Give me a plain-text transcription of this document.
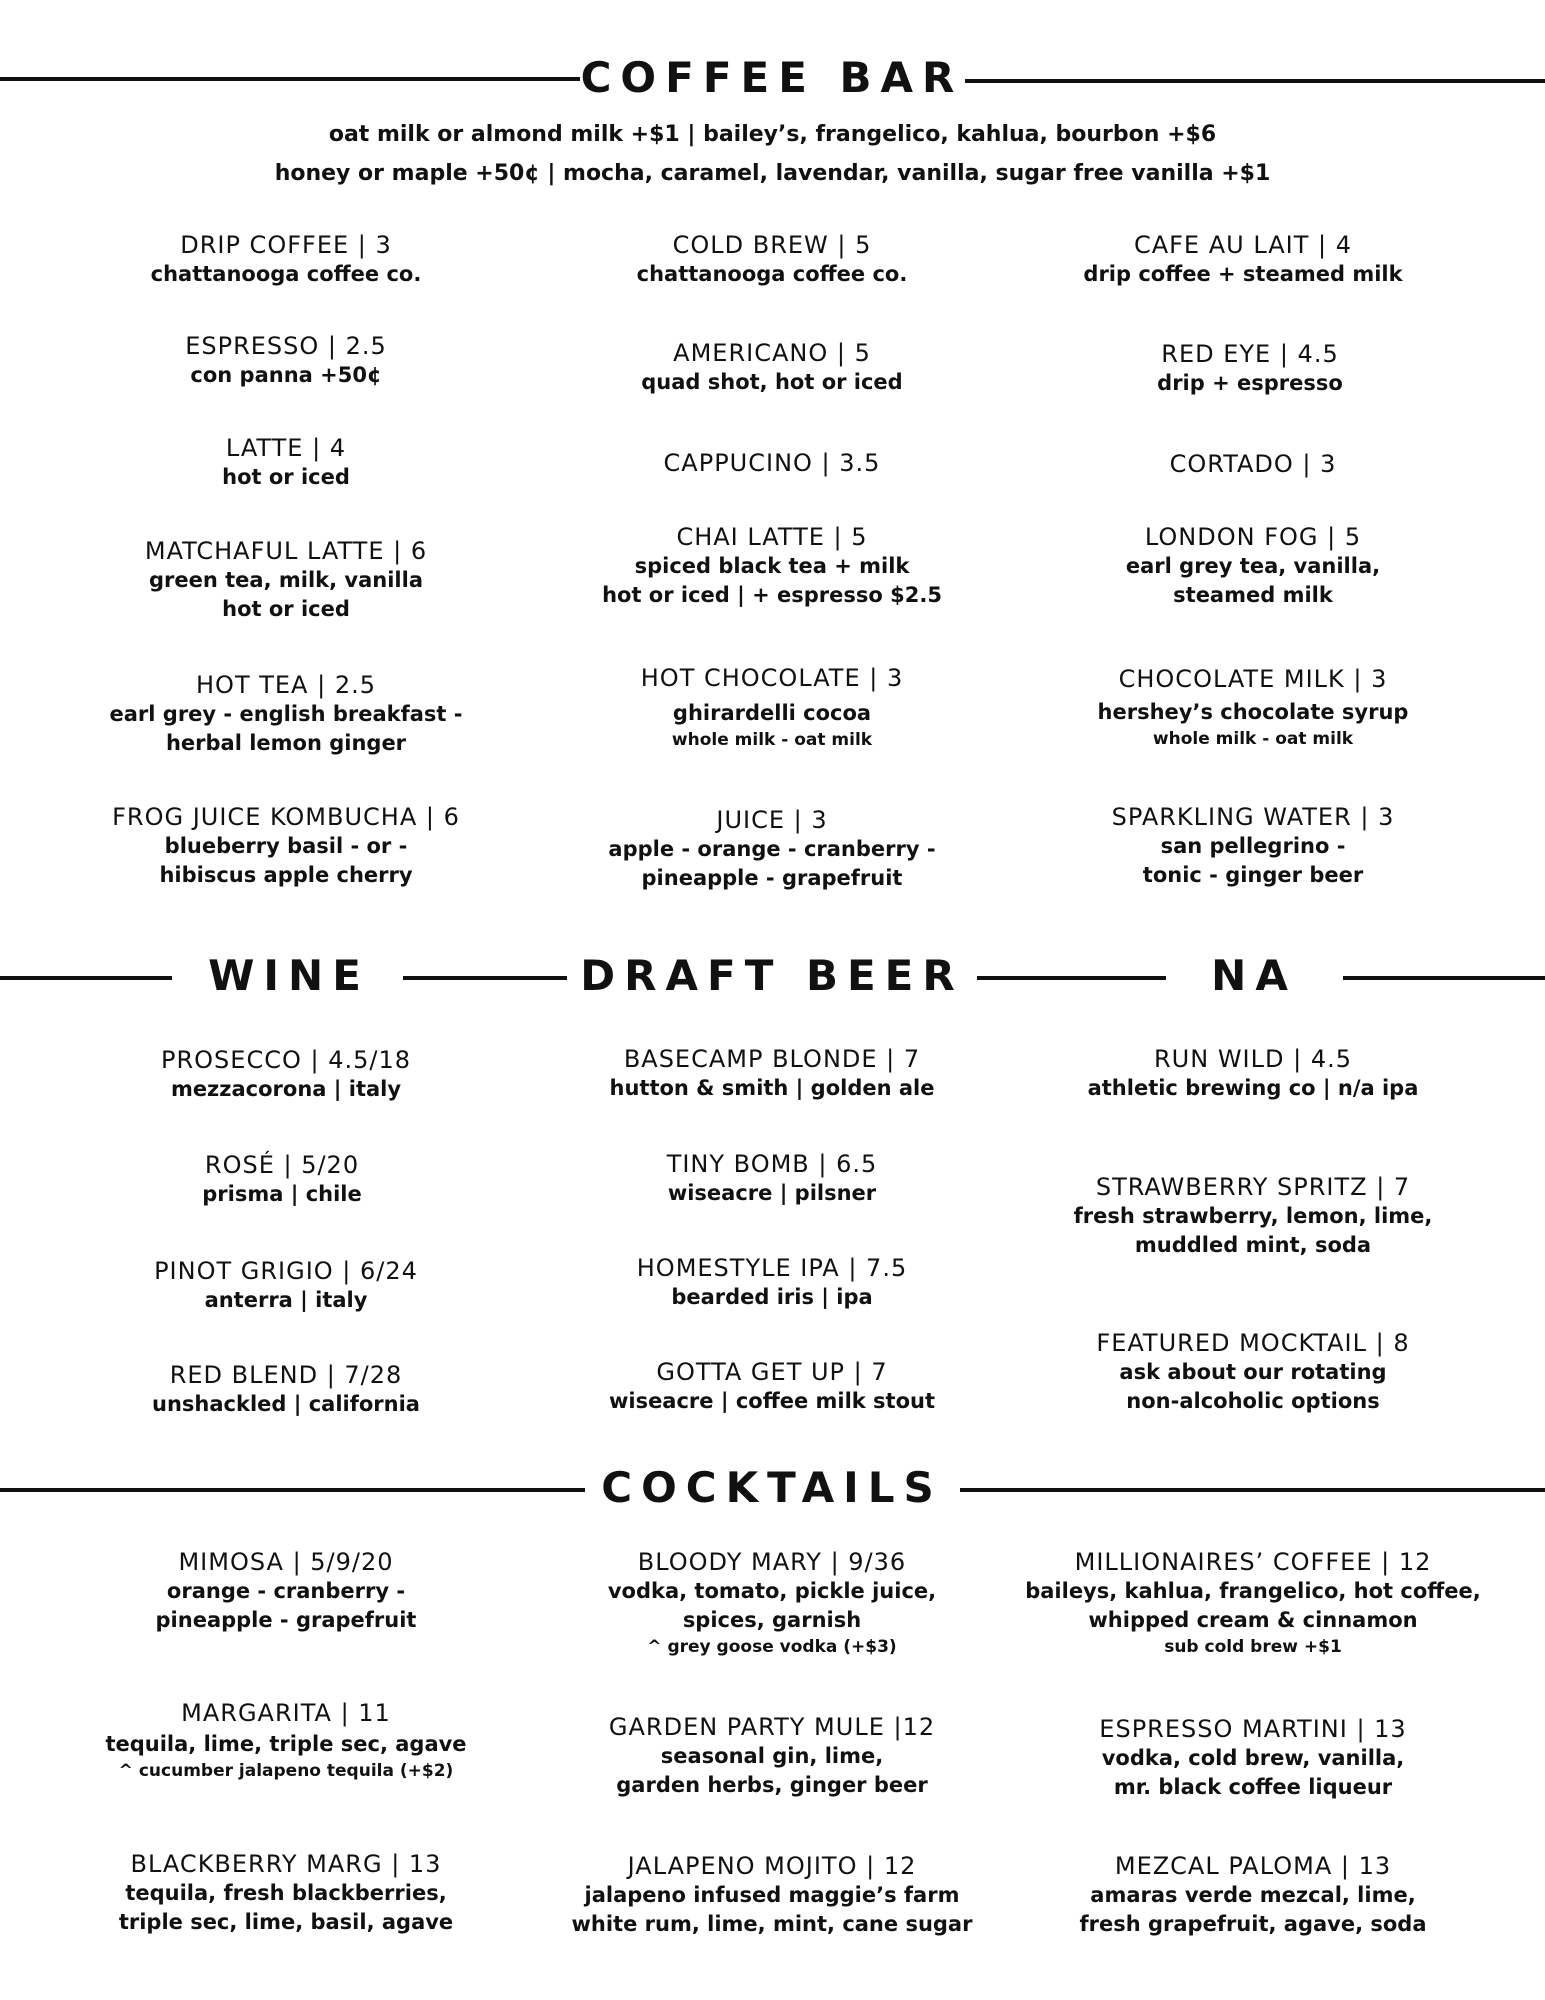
COFFEE BAR
WINE	DRAFT BEER	NA
COCKTAILS
oat milk or almond milk +$1 | bailey’s, frangelico, kahlua, bourbon +$6
honey or maple +50¢ | mocha, caramel, lavendar, vanilla, sugar free vanilla +$1
DRIP COFFEE | 3
chattanooga coffee co.
COLD BREW | 5
chattanooga coffee co.
CAFE AU LAIT | 4
drip coffee + steamed milk
ESPRESSO | 2.5
con panna +50¢
AMERICANO | 5
quad shot, hot or iced
RED EYE | 4.5
drip + espresso
LATTE | 4
hot or iced	CAPPUCINO | 3.5	CORTADO | 3
MATCHAFUL LATTE | 6
green tea, milk, vanilla
hot or iced
CHAI LATTE | 5
spiced black tea + milk
hot or iced | + espresso $2.5
LONDON FOG | 5
earl grey tea, vanilla,
steamed milk
HOT TEA | 2.5
earl grey - english breakfast -
herbal lemon ginger
HOT CHOCOLATE | 3
ghirardelli cocoa
whole milk - oat milk
CHOCOLATE MILK | 3
hershey’s chocolate syrup
whole milk - oat milk
FROG JUICE KOMBUCHA | 6
blueberry basil - or -
hibiscus apple cherry
JUICE | 3
apple - orange - cranberry -
pineapple - grapefruit
SPARKLING WATER | 3
san pellegrino -
tonic - ginger beer
PROSECCO | 4.5/18
mezzacorona | italy
ROSÉ | 5/20
prisma | chile
PINOT GRIGIO | 6/24
anterra | italy
RED BLEND | 7/28
unshackled | california
BASECAMP BLONDE | 7
hutton & smith | golden ale
TINY BOMB | 6.5
wiseacre | pilsner
HOMESTYLE IPA | 7.5
bearded iris | ipa
GOTTA GET UP | 7
wiseacre | coffee milk stout
RUN WILD | 4.5
athletic brewing co | n/a ipa
STRAWBERRY SPRITZ | 7
fresh strawberry, lemon, lime,
muddled mint, soda
FEATURED MOCKTAIL | 8
ask about our rotating
non-alcoholic options
MIMOSA | 5/9/20
orange - cranberry -
pineapple - grapefruit
BLOODY MARY | 9/36
vodka, tomato, pickle juice,
spices, garnish
^ grey goose vodka (+$3)
MILLIONAIRES’ COFFEE | 12
baileys, kahlua, frangelico, hot coffee,
whipped cream & cinnamon
sub cold brew +$1
MARGARITA | 11
tequila, lime, triple sec, agave
^ cucumber jalapeno tequila (+$2)
GARDEN PARTY MULE |12
seasonal gin, lime,
garden herbs, ginger beer
ESPRESSO MARTINI | 13
vodka, cold brew, vanilla,
mr. black coffee liqueur
BLACKBERRY MARG | 13
tequila, fresh blackberries,
triple sec, lime, basil, agave
JALAPENO MOJITO | 12
jalapeno infused maggie’s farm
white rum, lime, mint, cane sugar
MEZCAL PALOMA | 13
amaras verde mezcal, lime,
fresh grapefruit, agave, soda
